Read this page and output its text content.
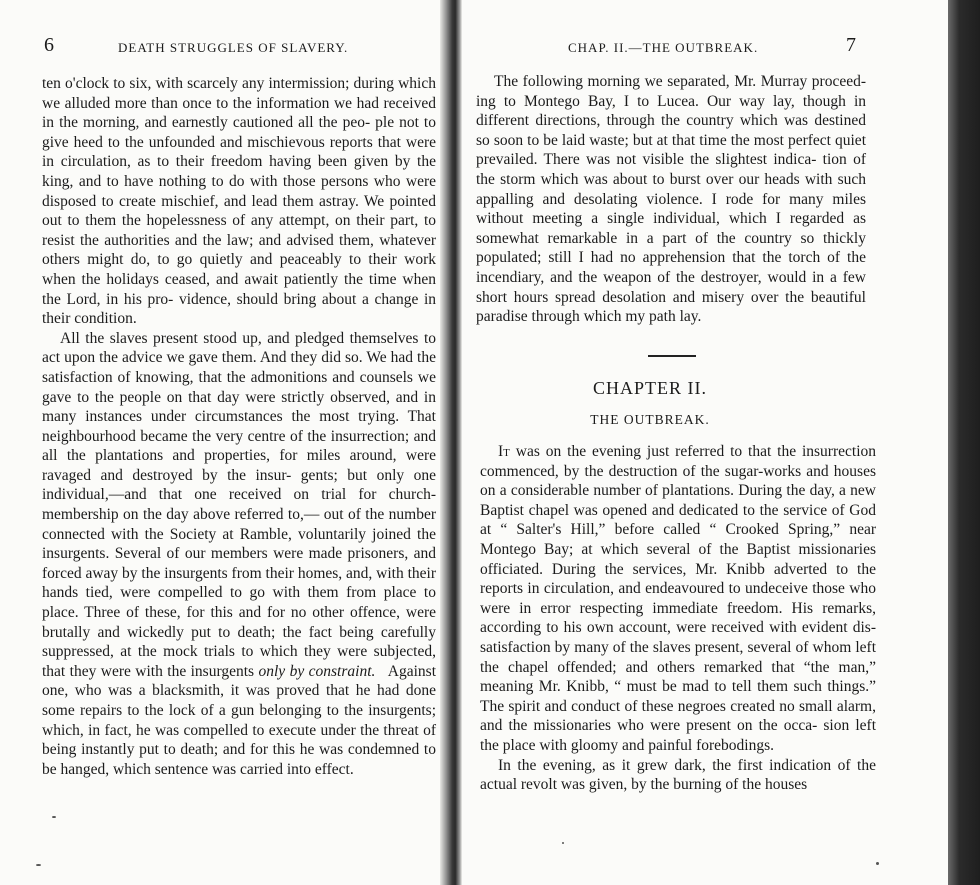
6	DEATH STRUGGLES OF SLAVERY.

ten o'clock to six, with scarcely any intermission; during which we alluded more than once to the information we had received in the morning, and earnestly cautioned all the peo- ple not to give heed to the unfounded and mischievous reports that were in circulation, as to their freedom having been given by the king, and to have nothing to do with those persons who were disposed to create mischief, and lead them astray. We pointed out to them the hopelessness of any attempt, on their part, to resist the authorities and the law; and advised them, whatever others might do, to go quietly and peaceably to their work when the holidays ceased, and await patiently the time when the Lord, in his pro- vidence, should bring about a change in their condition.

All the slaves present stood up, and pledged themselves to act upon the advice we gave them. And they did so. We had the satisfaction of knowing, that the admonitions and counsels we gave to the people on that day were strictly observed, and in many instances under circumstances the most trying. That neighbourhood became the very centre of the insurrection; and all the plantations and properties, for miles around, were ravaged and destroyed by the insur- gents; but only one individual,—and that one received on trial for church-membership on the day above referred to,— out of the number connected with the Society at Ramble, voluntarily joined the insurgents. Several of our members were made prisoners, and forced away by the insurgents from their homes, and, with their hands tied, were compelled to go with them from place to place. Three of these, for this and for no other offence, were brutally and wickedly put to death; the fact being carefully suppressed, at the mock trials to which they were subjected, that they were with the insurgents only by constraint. Against one, who was a blacksmith, it was proved that he had done some repairs to the lock of a gun belonging to the insurgents; which, in fact, he was compelled to execute under the threat of being instantly put to death; and for this he was condemned to be hanged, which sentence was carried into effect.

CHAP. II.—THE OUTBREAK.	7

The following morning we separated, Mr. Murray proceed- ing to Montego Bay, I to Lucea. Our way lay, though in different directions, through the country which was destined so soon to be laid waste; but at that time the most perfect quiet prevailed. There was not visible the slightest indica- tion of the storm which was about to burst over our heads with such appalling and desolating violence. I rode for many miles without meeting a single individual, which I regarded as somewhat remarkable in a part of the country so thickly populated; still I had no apprehension that the torch of the incendiary, and the weapon of the destroyer, would in a few short hours spread desolation and misery over the beautiful paradise through which my path lay.

CHAPTER II.
THE OUTBREAK.

It was on the evening just referred to that the insurrection commenced, by the destruction of the sugar-works and houses on a considerable number of plantations. During the day, a new Baptist chapel was opened and dedicated to the service of God at “ Salter's Hill,” before called “ Crooked Spring,” near Montego Bay; at which several of the Baptist missionaries officiated. During the services, Mr. Knibb adverted to the reports in circulation, and endeavoured to undeceive those who were in error respecting immediate freedom. His remarks, according to his own account, were received with evident dis- satisfaction by many of the slaves present, several of whom left the chapel offended; and others remarked that “the man,” meaning Mr. Knibb, “ must be mad to tell them such things.” The spirit and conduct of these negroes created no small alarm, and the missionaries who were present on the occa- sion left the place with gloomy and painful forebodings.

In the evening, as it grew dark, the first indication of the actual revolt was given, by the burning of the houses
